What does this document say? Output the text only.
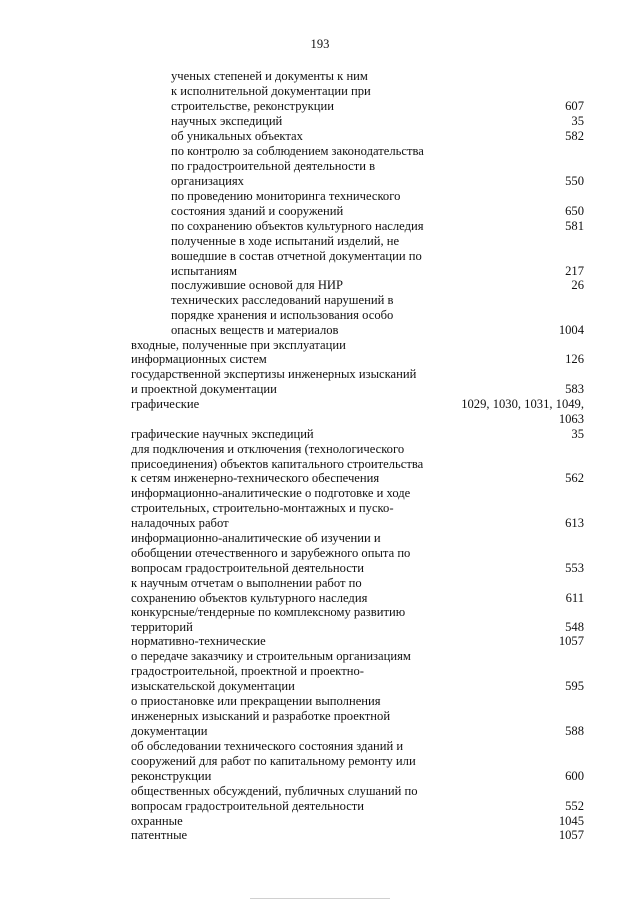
193
ученых степеней и документы к ним
к исполнительной документации при
строительстве, реконструкции	607
научных экспедиций	35
об уникальных объектах	582
по контролю за соблюдением законодательства
по градостроительной деятельности в
организациях	550
по проведению мониторинга технического
состояния зданий и сооружений	650
по сохранению объектов культурного наследия	581
полученные в ходе испытаний изделий, не
вошедшие в состав отчетной документации по
испытаниям	217
послужившие основой для НИР	26
технических расследований нарушений в
порядке хранения и использования особо
опасных веществ и материалов	1004
входные, полученные при эксплуатации
информационных систем	126
государственной экспертизы инженерных изысканий
и проектной документации	583
графические	1029, 1030, 1031, 1049,
1063
графические научных экспедиций	35
для подключения и отключения (технологического
присоединения) объектов капитального строительства
к сетям инженерно-технического обеспечения	562
информационно-аналитические о подготовке и ходе
строительных, строительно-монтажных и пуско-
наладочных работ	613
информационно-аналитические об изучении и
обобщении отечественного и зарубежного опыта по
вопросам градостроительной деятельности	553
к научным отчетам о выполнении работ по
сохранению объектов культурного наследия	611
конкурсные/тендерные по комплексному развитию
территорий	548
нормативно-технические	1057
о передаче заказчику и строительным организациям
градостроительной, проектной и проектно-
изыскательской документации	595
о приостановке или прекращении выполнения
инженерных изысканий и разработке проектной
документации	588
об обследовании технического состояния зданий и
сооружений для работ по капитальному ремонту или
реконструкции	600
общественных обсуждений, публичных слушаний по
вопросам градостроительной деятельности	552
охранные	1045
патентные	1057
